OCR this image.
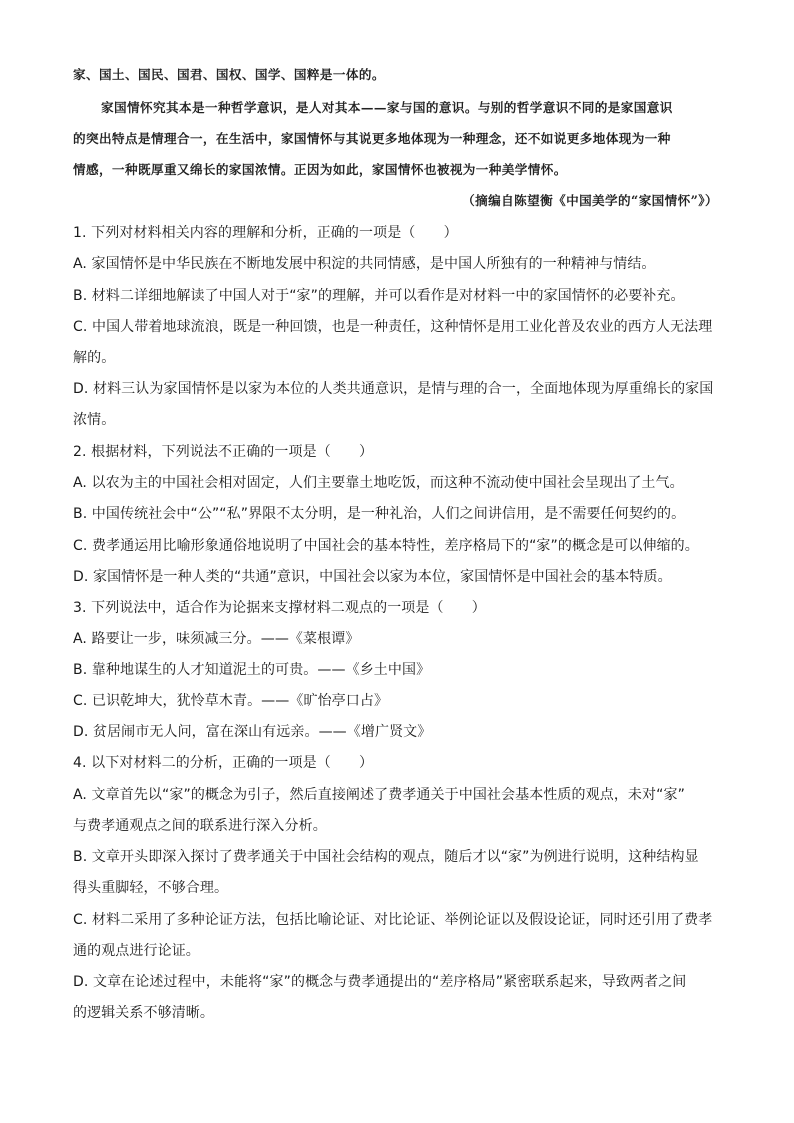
家、国土、国民、国君、国权、国学、国粹是一体的。
家国情怀究其本是一种哲学意识，是人对其本——家与国的意识。与别的哲学意识不同的是家国意识
的突出特点是情理合一，在生活中，家国情怀与其说更多地体现为一种理念，还不如说更多地体现为一种
情感，一种既厚重又绵长的家国浓情。正因为如此，家国情怀也被视为一种美学情怀。
（摘编自陈望衡《中国美学的“家国情怀”》）
1. 下列对材料相关内容的理解和分析，正确的一项是（　　）
A. 家国情怀是中华民族在不断地发展中积淀的共同情感，是中国人所独有的一种精神与情结。
B. 材料二详细地解读了中国人对于“家”的理解，并可以看作是对材料一中的家国情怀的必要补充。
C. 中国人带着地球流浪，既是一种回馈，也是一种责任，这种情怀是用工业化普及农业的西方人无法理
解的。
D. 材料三认为家国情怀是以家为本位的人类共通意识，是情与理的合一，全面地体现为厚重绵长的家国
浓情。
2. 根据材料，下列说法不正确的一项是（　　）
A. 以农为主的中国社会相对固定，人们主要靠土地吃饭，而这种不流动使中国社会呈现出了土气。
B. 中国传统社会中“公”“私”界限不太分明，是一种礼治，人们之间讲信用，是不需要任何契约的。
C. 费孝通运用比喻形象通俗地说明了中国社会的基本特性，差序格局下的“家”的概念是可以伸缩的。
D. 家国情怀是一种人类的“共通”意识，中国社会以家为本位，家国情怀是中国社会的基本特质。
3. 下列说法中，适合作为论据来支撑材料二观点的一项是（　　）
A. 路要让一步，味须减三分。——《菜根谭》
B. 靠种地谋生的人才知道泥土的可贵。——《乡土中国》
C. 已识乾坤大，犹怜草木青。——《旷怡亭口占》
D. 贫居闹市无人问，富在深山有远亲。——《增广贤文》
4. 以下对材料二的分析，正确的一项是（　　）
A. 文章首先以“家”的概念为引子，然后直接阐述了费孝通关于中国社会基本性质的观点，未对“家”
与费孝通观点之间的联系进行深入分析。
B. 文章开头即深入探讨了费孝通关于中国社会结构的观点，随后才以“家”为例进行说明，这种结构显
得头重脚轻，不够合理。
C. 材料二采用了多种论证方法，包括比喻论证、对比论证、举例论证以及假设论证，同时还引用了费孝
通的观点进行论证。
D. 文章在论述过程中，未能将“家”的概念与费孝通提出的“差序格局”紧密联系起来，导致两者之间
的逻辑关系不够清晰。
